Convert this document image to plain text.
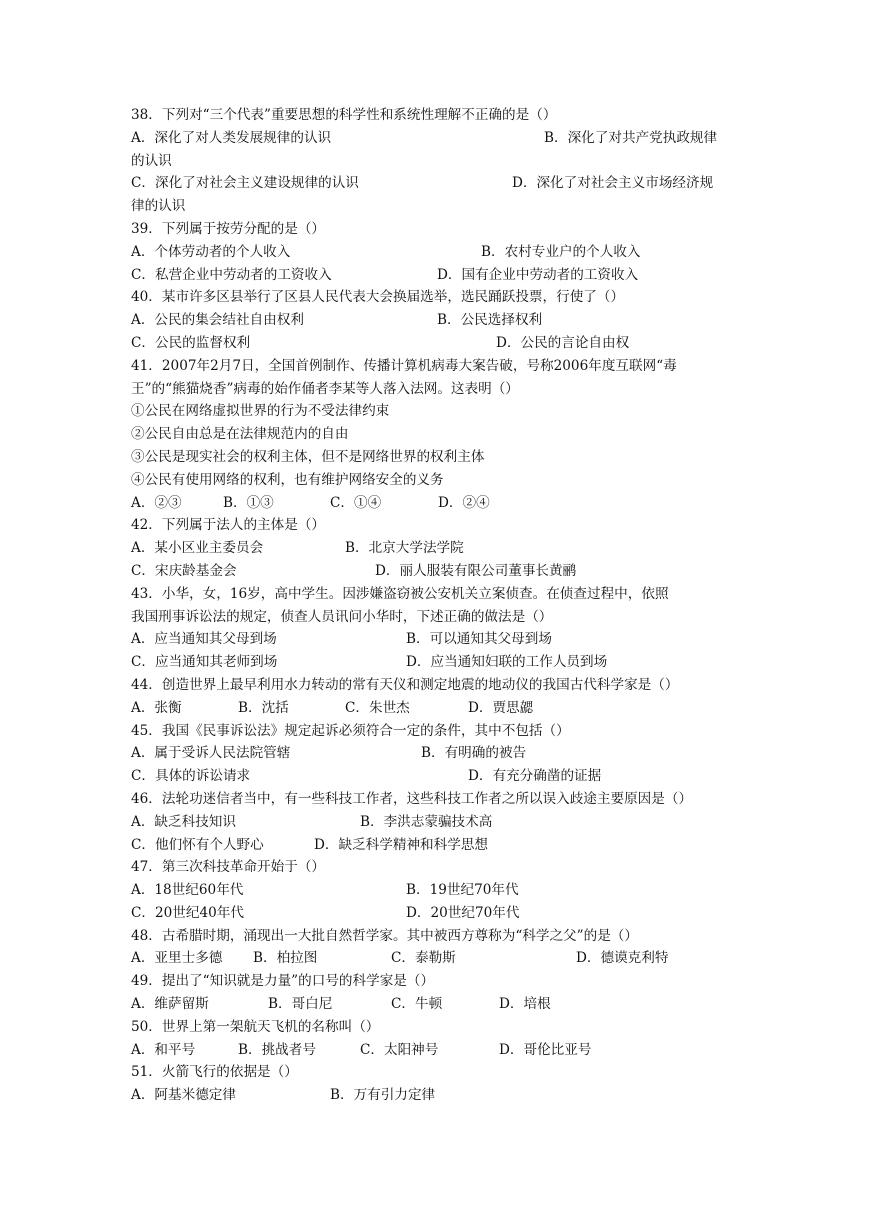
38．下列对“三个代表”重要思想的科学性和系统性理解不正确的是（）
A．深化了对人类发展规律的认识	B．深化了对共产党执政规律
的认识
C．深化了对社会主义建设规律的认识	D．深化了对社会主义市场经济规
律的认识
39．下列属于按劳分配的是（）
A．个体劳动者的个人收入	B．农村专业户的个人收入
C．私营企业中劳动者的工资收入	D．国有企业中劳动者的工资收入
40．某市许多区县举行了区县人民代表大会换届选举，选民踊跃投票，行使了（）
A．公民的集会结社自由权利	B．公民选择权利
C．公民的监督权利	D．公民的言论自由权
41．2007年2月7日，全国首例制作、传播计算机病毒大案告破，号称2006年度互联网“毒
王”的“熊猫烧香”病毒的始作俑者李某等人落入法网。这表明（）
①公民在网络虚拟世界的行为不受法律约束
②公民自由总是在法律规范内的自由
③公民是现实社会的权利主体，但不是网络世界的权利主体
④公民有使用网络的权利，也有维护网络安全的义务
A．②③	B．①③	C．①④	D．②④
42．下列属于法人的主体是（）
A．某小区业主委员会	B．北京大学法学院
C．宋庆龄基金会	D．丽人服装有限公司董事长黄鹂
43．小华，女，16岁，高中学生。因涉嫌盗窃被公安机关立案侦查。在侦查过程中，依照
我国刑事诉讼法的规定，侦查人员讯问小华时，下述正确的做法是（）
A．应当通知其父母到场	B．可以通知其父母到场
C．应当通知其老师到场	D．应当通知妇联的工作人员到场
44．创造世界上最早利用水力转动的常有天仪和测定地震的地动仪的我国古代科学家是（）
A．张衡	B．沈括	C．朱世杰	D．贾思勰
45．我国《民事诉讼法》规定起诉必须符合一定的条件，其中不包括（）
A．属于受诉人民法院管辖	B．有明确的被告
C．具体的诉讼请求	D．有充分确凿的证据
46．法轮功迷信者当中，有一些科技工作者，这些科技工作者之所以误入歧途主要原因是（）
A．缺乏科技知识	B．李洪志蒙骗技术高
C．他们怀有个人野心	D．缺乏科学精神和科学思想
47．第三次科技革命开始于（）
A．18世纪60年代	B．19世纪70年代
C．20世纪40年代	D．20世纪70年代
48．古希腊时期，涌现出一大批自然哲学家。其中被西方尊称为“科学之父”的是（）
A．亚里士多德 B．柏拉图	C．泰勒斯	D．德谟克利特
49．提出了“知识就是力量”的口号的科学家是（）
A．维萨留斯	B．哥白尼	C．牛顿	D．培根
50．世界上第一架航天飞机的名称叫（）
A．和平号	B．挑战者号	C．太阳神号	D．哥伦比亚号
51．火箭飞行的依据是（）
A．阿基米德定律	B．万有引力定律
